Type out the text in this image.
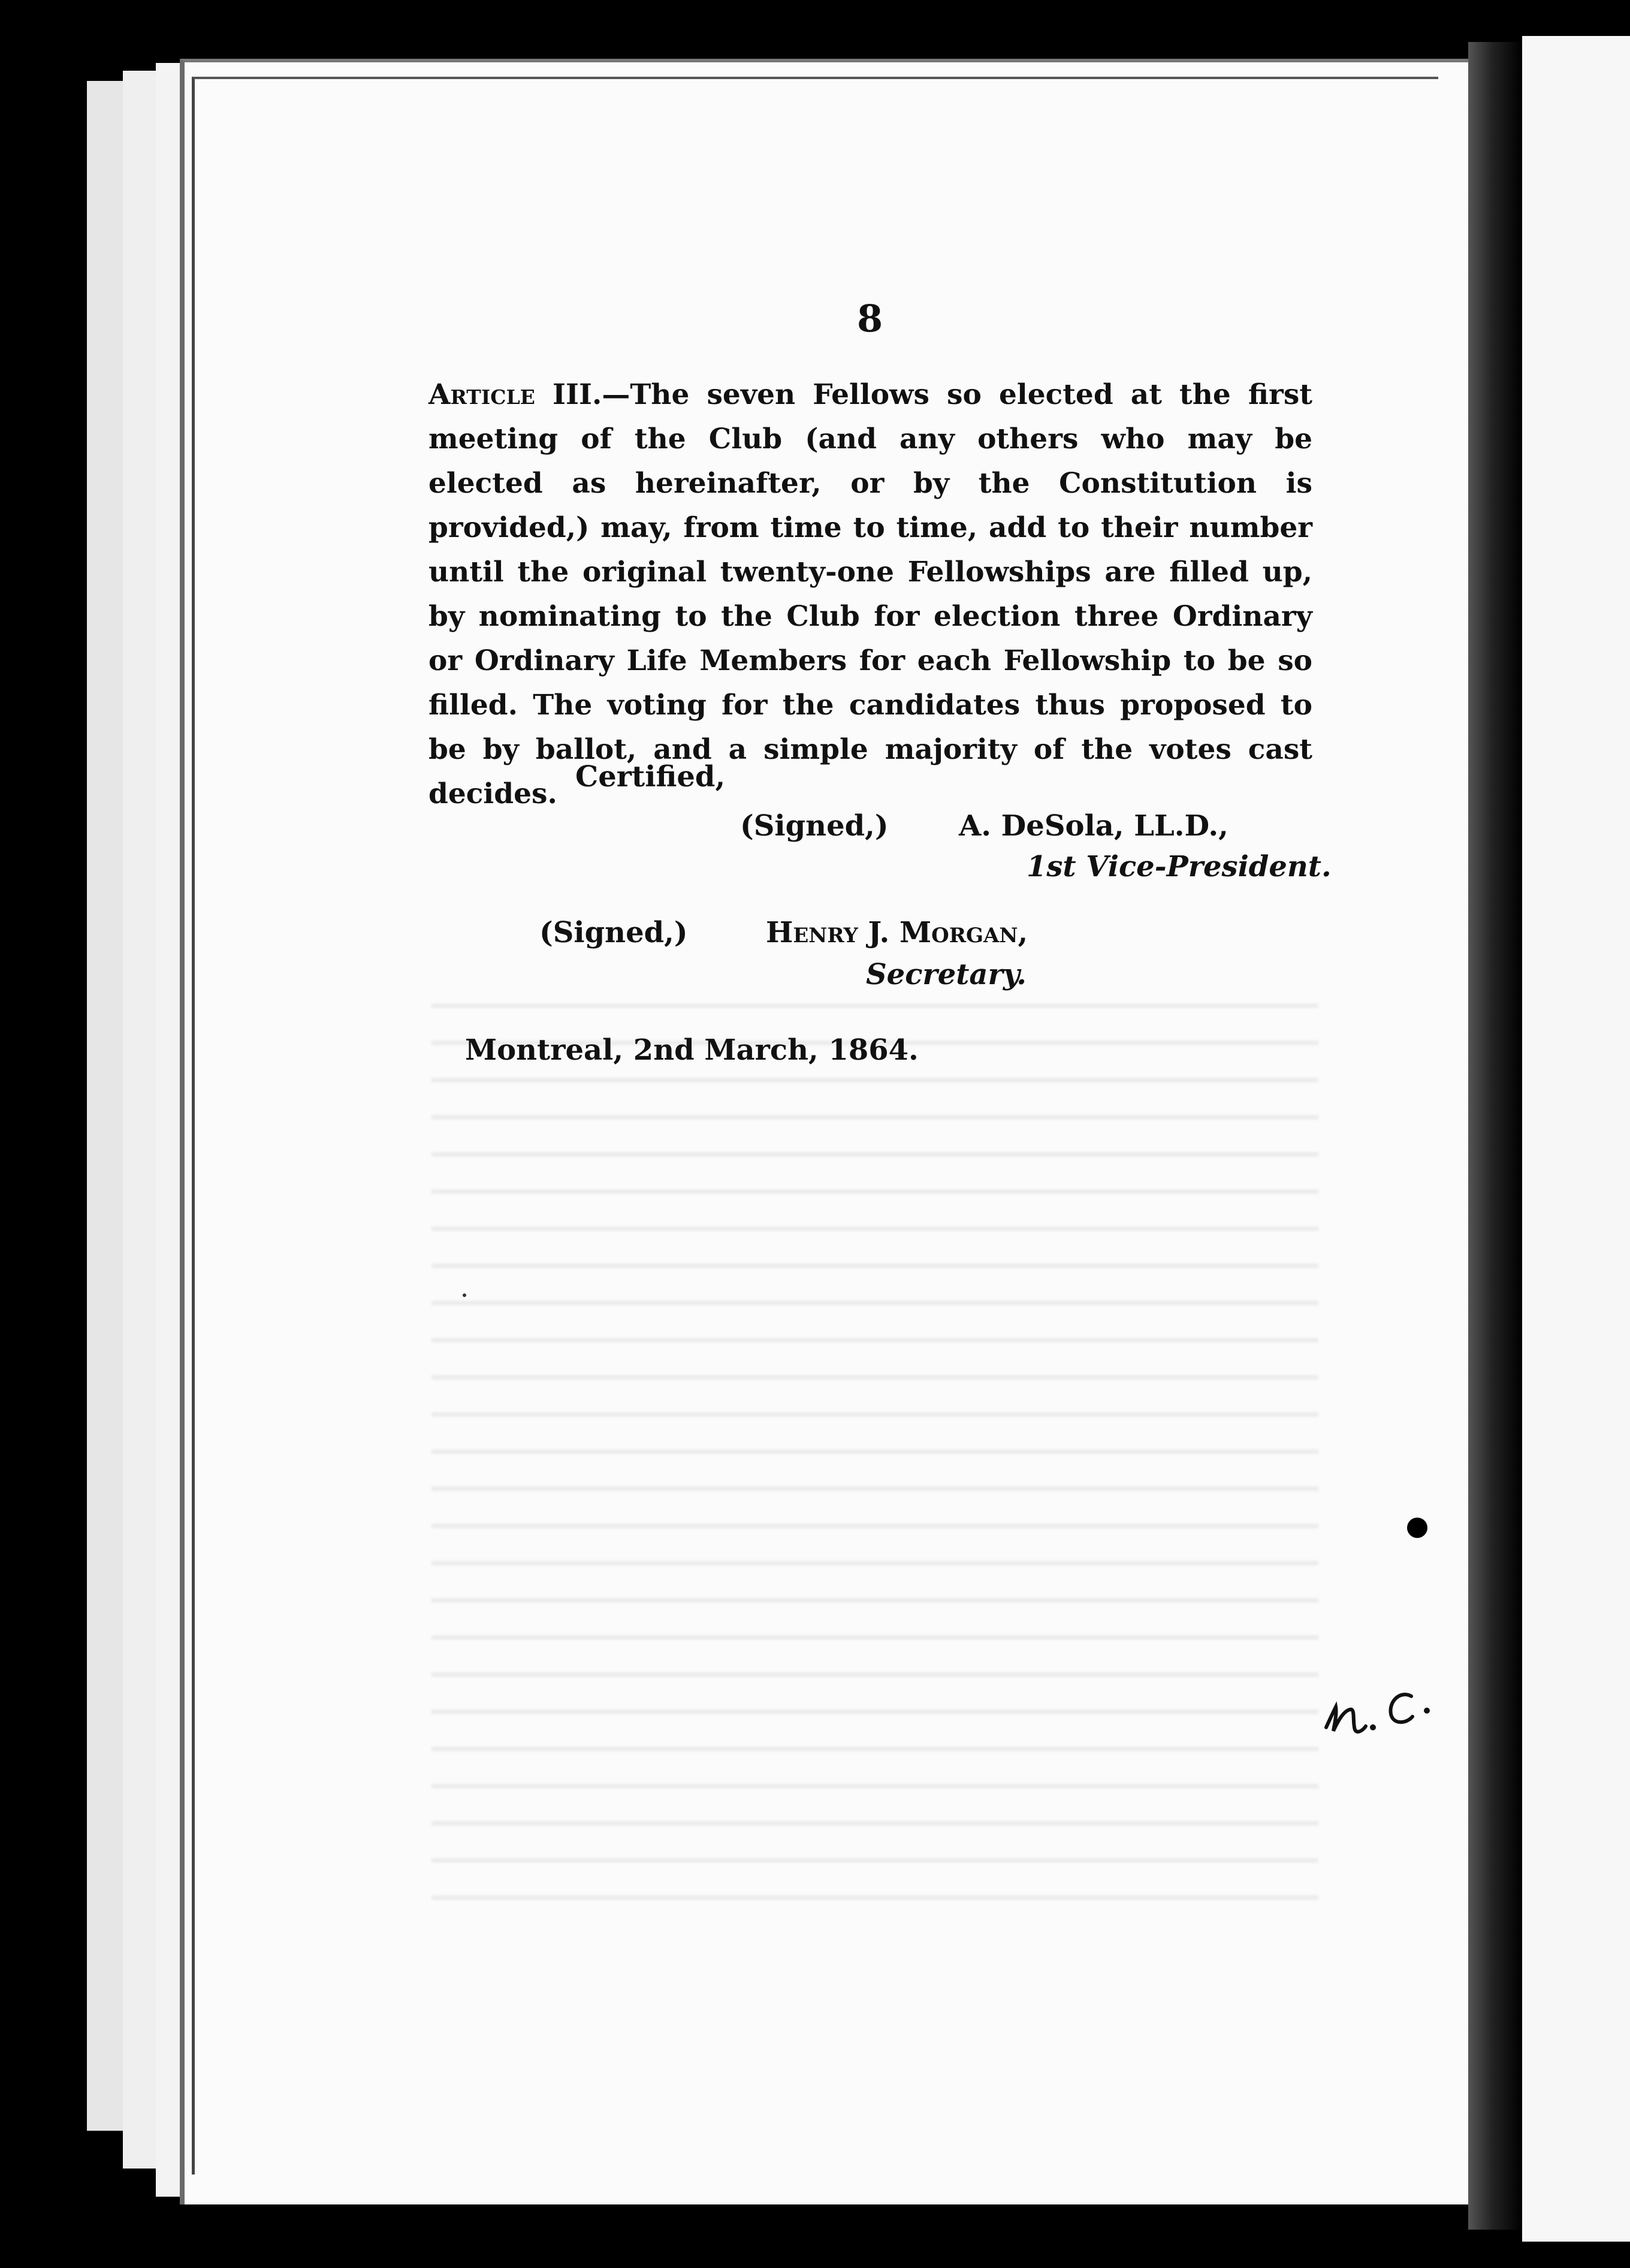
8

Article III.—The seven Fellows so elected at the first meeting of the Club (and any others who may be elected as hereinafter, or by the Constitution is provided,) may, from time to time, add to their number until the original twenty-one Fellowships are filled up, by nominating to the Club for election three Ordinary or Ordinary Life Members for each Fellowship to be so filled. The voting for the candidates thus proposed to be by ballot, and a simple majority of the votes cast decides.

Certified,
(Signed,) A. DeSola, LL.D.,
1st Vice-President.
(Signed,)	Henry J. Morgan,
Secretary.
Montreal, 2nd March, 1864.
